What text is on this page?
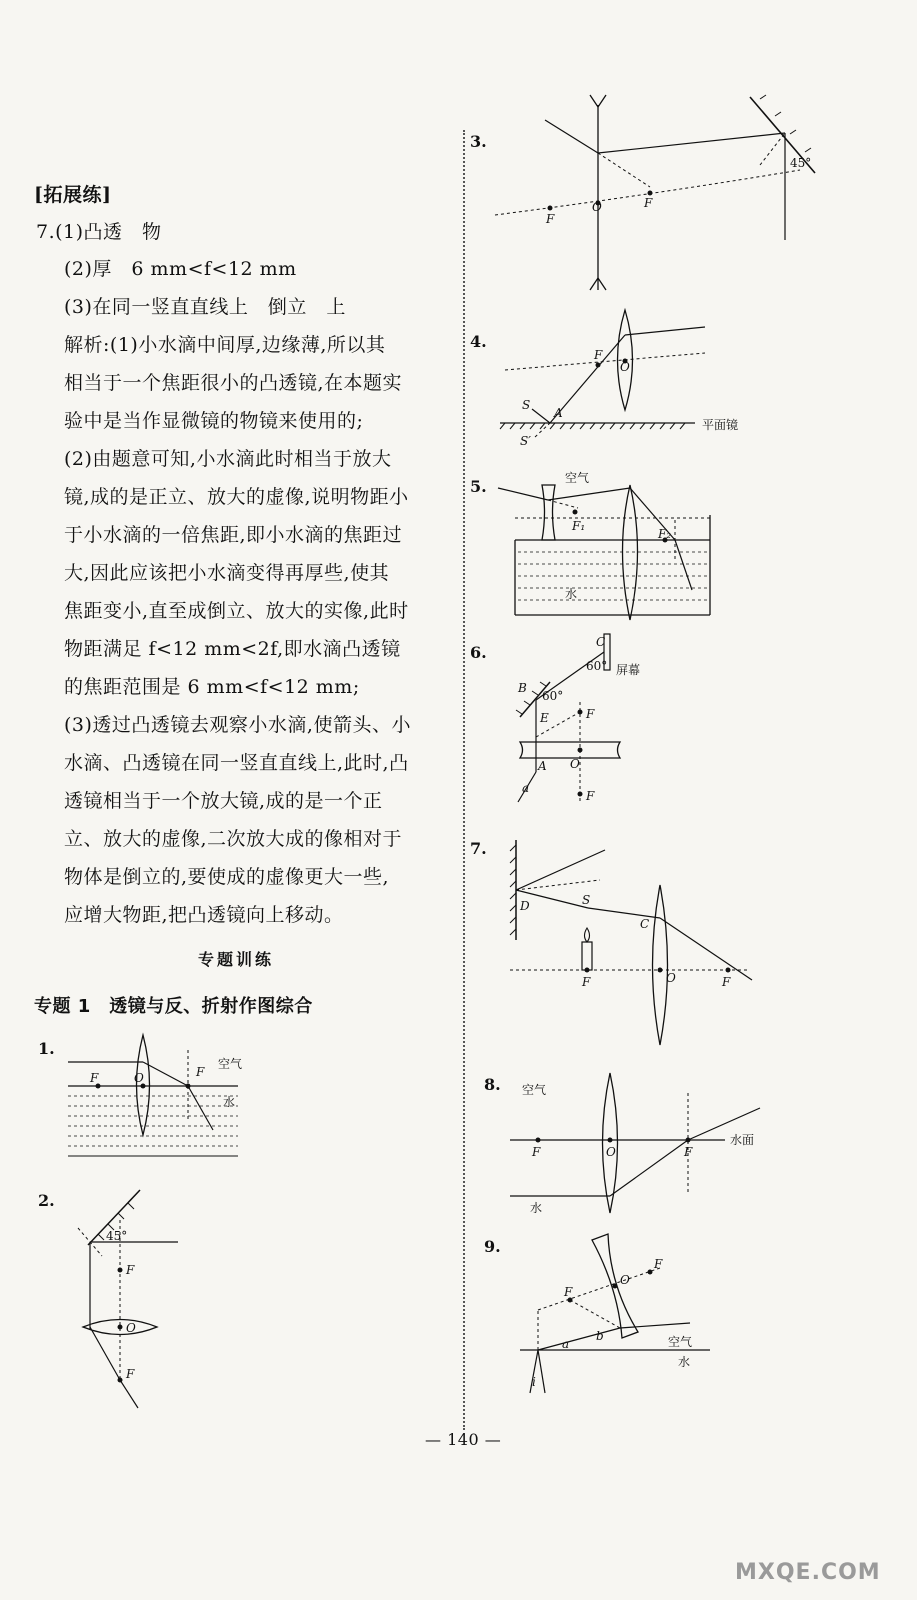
[拓展练]
7.(1)凸透　物
(2)厚　6 mm<f<12 mm
(3)在同一竖直直线上　倒立　上
解析:(1)小水滴中间厚,边缘薄,所以其
相当于一个焦距很小的凸透镜,在本题实
验中是当作显微镜的物镜来使用的;
(2)由题意可知,小水滴此时相当于放大
镜,成的是正立、放大的虚像,说明物距小
于小水滴的一倍焦距,即小水滴的焦距过
大,因此应该把小水滴变得再厚些,使其
焦距变小,直至成倒立、放大的实像,此时
物距满足 f<12 mm<2f,即水滴凸透镜
的焦距范围是 6 mm<f<12 mm;
(3)透过凸透镜去观察小水滴,使箭头、小
水滴、凸透镜在同一竖直直线上,此时,凸
透镜相当于一个放大镜,成的是一个正
立、放大的虚像,二次放大成的像相对于
物体是倒立的,要使成的虚像更大一些,
应增大物距,把凸透镜向上移动。
专题训练
专题 1　透镜与反、折射作图综合
1.
F	O	F
空气
水
2.
45°
F
O
F
3.
45°
F
O	F
4.
F
O
S
A
S′
平面镜
5.	空气
F₁
F₂
水
6.
C
60° 屏幕
B
60°
E	F
A O
a
F
7.
D	S
C
F	O	F
8. 空气
F	O	F
水面
水
9.
F
O
F
a
b
i
空气
水
— 140 —
MXQE.COM
